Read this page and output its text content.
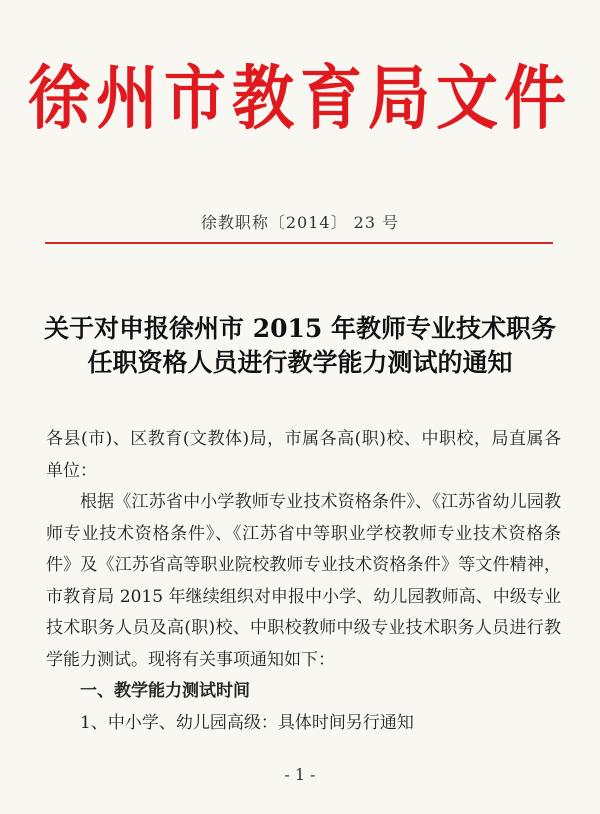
徐州市教育局文件
徐教职称〔2014〕 23 号
关于对申报徐州市 2015 年教师专业技术职务
任职资格人员进行教学能力测试的通知

各县(市)、区教育(文教体)局，市属各高(职)校、中职校，局直属各单位：

根据《江苏省中小学教师专业技术资格条件》、《江苏省幼儿园教师专业技术资格条件》、《江苏省中等职业学校教师专业技术资格条件》及《江苏省高等职业院校教师专业技术资格条件》等文件精神，市教育局 2015 年继续组织对申报中小学、幼儿园教师高、中级专业技术职务人员及高(职)校、中职校教师中级专业技术职务人员进行教学能力测试。现将有关事项通知如下：

一、教学能力测试时间

1、中小学、幼儿园高级：具体时间另行通知

- 1 -
